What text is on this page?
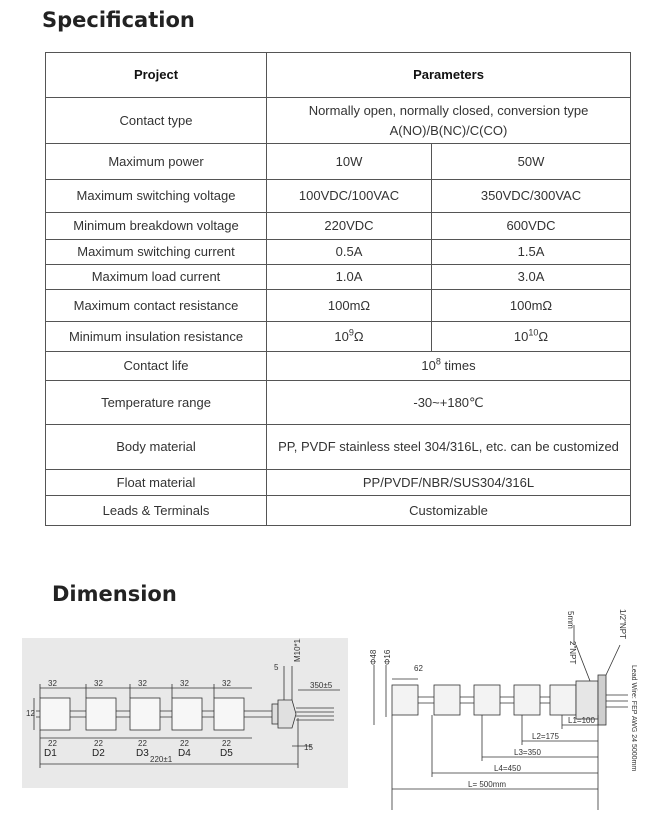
Specification
Project	Parameters	
Contact type	Normally open, normally closed, conversion type A(NO)/B(NC)/C(CO)	
Maximum power	10W	50W
Maximum switching voltage	100VDC/100VAC	350VDC/300VAC
Minimum breakdown voltage	220VDC	600VDC
Maximum switching current	0.5A	1.5A
Maximum load current	1.0A	3.0A
Maximum contact resistance	100mΩ	100mΩ
Minimum insulation resistance	$10^9\Omega$	$10^{10}\Omega$
Contact life	$10^8$ times	
Temperature range	-30~+180℃	
Body material	PP, PVDF stainless steel 304/316L, etc. can be customized	
Float material	PP/PVDF/NBR/SUS304/316L	
Leads & Terminals	Customizable	
Dimension
32	32	32	32	32
22	22	22	22	22
220±1
350±5
15
5
12
M10*1.0
D1	D2	D3	D4	D5
62
Φ48 Φ16
5mm
2"NPT
1/2"NPT
L1=100
L2=175
L3=350
L4=450
L= 500mm
Lead Wire: FEP AWG 24 5000mm
